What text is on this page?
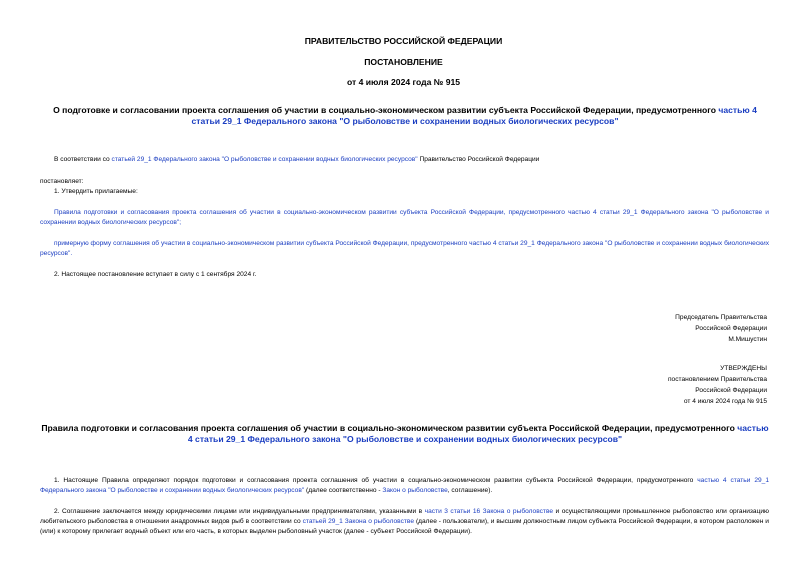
ПРАВИТЕЛЬСТВО РОССИЙСКОЙ ФЕДЕРАЦИИ
ПОСТАНОВЛЕНИЕ
от 4 июля 2024 года № 915
О подготовке и согласовании проекта соглашения об участии в социально-экономическом развитии субъекта Российской Федерации, предусмотренного частью 4 статьи 29_1 Федерального закона "О рыболовстве и сохранении водных биологических ресурсов"
В соответствии со статьей 29_1 Федерального закона "О рыболовстве и сохранении водных биологических ресурсов" Правительство Российской Федерации
постановляет:
1. Утвердить прилагаемые:
Правила подготовки и согласования проекта соглашения об участии в социально-экономическом развитии субъекта Российской Федерации, предусмотренного частью 4 статьи 29_1 Федерального закона "О рыболовстве и сохранении водных биологических ресурсов";
примерную форму соглашения об участии в социально-экономическом развитии субъекта Российской Федерации, предусмотренного частью 4 статьи 29_1 Федерального закона "О рыболовстве и сохранении водных биологических ресурсов".
2. Настоящее постановление вступает в силу с 1 сентября 2024 г.
Председатель Правительства
Российской Федерации
М.Мишустин
УТВЕРЖДЕНЫ
постановлением Правительства
Российской Федерации
от 4 июля 2024 года № 915
Правила подготовки и согласования проекта соглашения об участии в социально-экономическом развитии субъекта Российской Федерации, предусмотренного частью 4 статьи 29_1 Федерального закона "О рыболовстве и сохранении водных биологических ресурсов"
1. Настоящие Правила определяют порядок подготовки и согласования проекта соглашения об участии в социально-экономическом развитии субъекта Российской Федерации, предусмотренного частью 4 статьи 29_1 Федерального закона "О рыболовстве и сохранении водных биологических ресурсов" (далее соответственно - Закон о рыболовстве, соглашение).
2. Соглашение заключается между юридическими лицами или индивидуальными предпринимателями, указанными в части 3 статьи 16 Закона о рыболовстве и осуществляющими промышленное рыболовство или организацию любительского рыболовства в отношении анадромных видов рыб в соответствии со статьей 29_1 Закона о рыболовстве (далее - пользователи), и высшим должностным лицом субъекта Российской Федерации, в котором расположен и (или) к которому прилегает водный объект или его часть, в которых выделен рыболовный участок (далее - субъект Российской Федерации).
